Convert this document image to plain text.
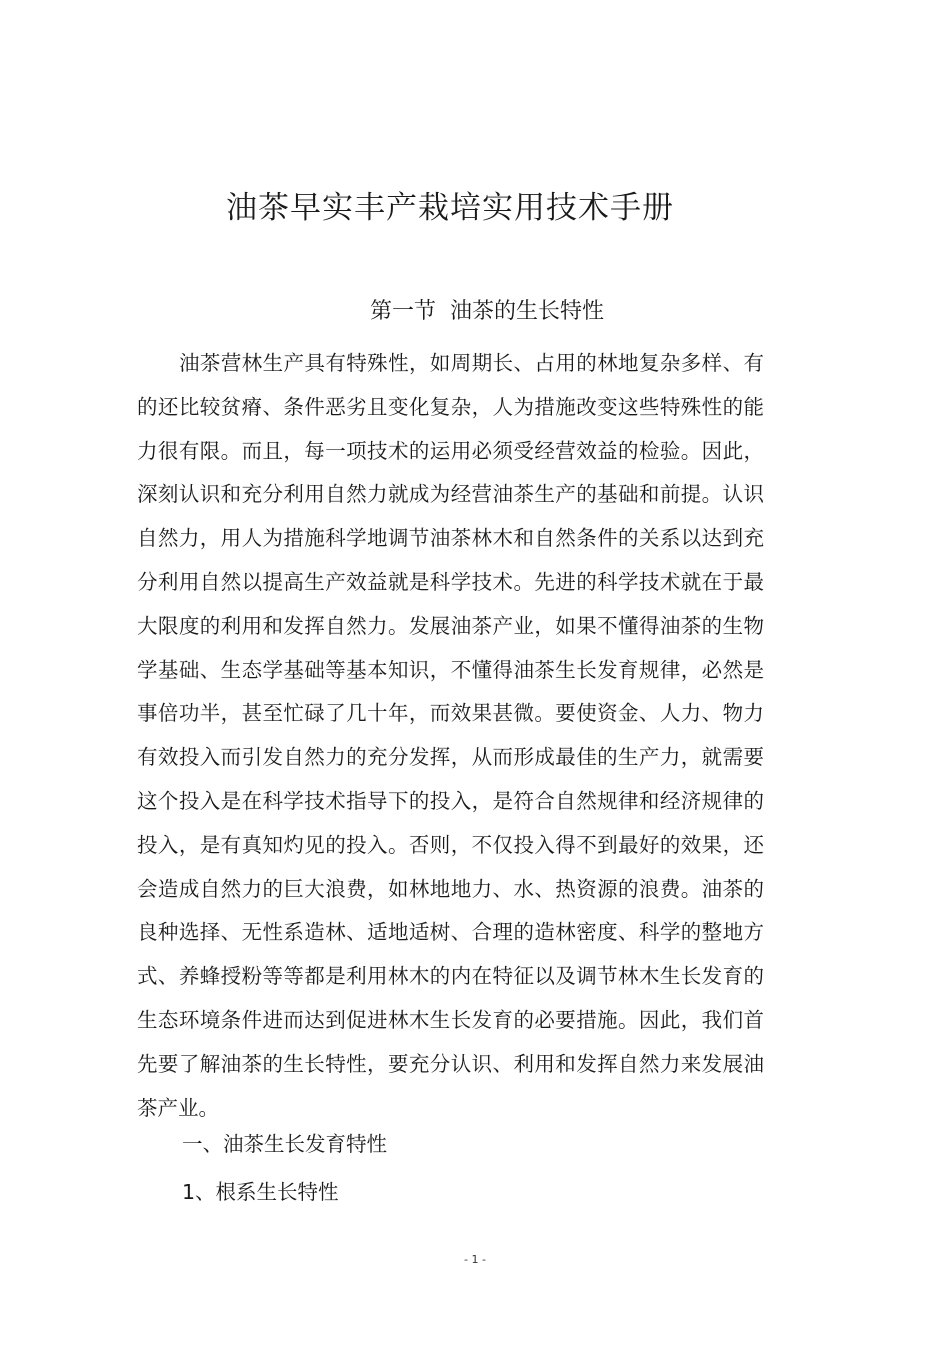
油茶早实丰产栽培实用技术手册
第一节  油茶的生长特性

油茶营林生产具有特殊性，如周期长、占用的林地复杂多样、有的还比较贫瘠、条件恶劣且变化复杂，人为措施改变这些特殊性的能力很有限。而且，每一项技术的运用必须受经营效益的检验。因此，深刻认识和充分利用自然力就成为经营油茶生产的基础和前提。认识自然力，用人为措施科学地调节油茶林木和自然条件的关系以达到充分利用自然以提高生产效益就是科学技术。先进的科学技术就在于最大限度的利用和发挥自然力。发展油茶产业，如果不懂得油茶的生物学基础、生态学基础等基本知识，不懂得油茶生长发育规律，必然是事倍功半，甚至忙碌了几十年，而效果甚微。要使资金、人力、物力有效投入而引发自然力的充分发挥，从而形成最佳的生产力，就需要这个投入是在科学技术指导下的投入，是符合自然规律和经济规律的投入，是有真知灼见的投入。否则，不仅投入得不到最好的效果，还会造成自然力的巨大浪费，如林地地力、水、热资源的浪费。油茶的良种选择、无性系造林、适地适树、合理的造林密度、科学的整地方式、养蜂授粉等等都是利用林木的内在特征以及调节林木生长发育的生态环境条件进而达到促进林木生长发育的必要措施。因此，我们首先要了解油茶的生长特性，要充分认识、利用和发挥自然力来发展油茶产业。

一、油茶生长发育特性
1、根系生长特性
- 1 -
